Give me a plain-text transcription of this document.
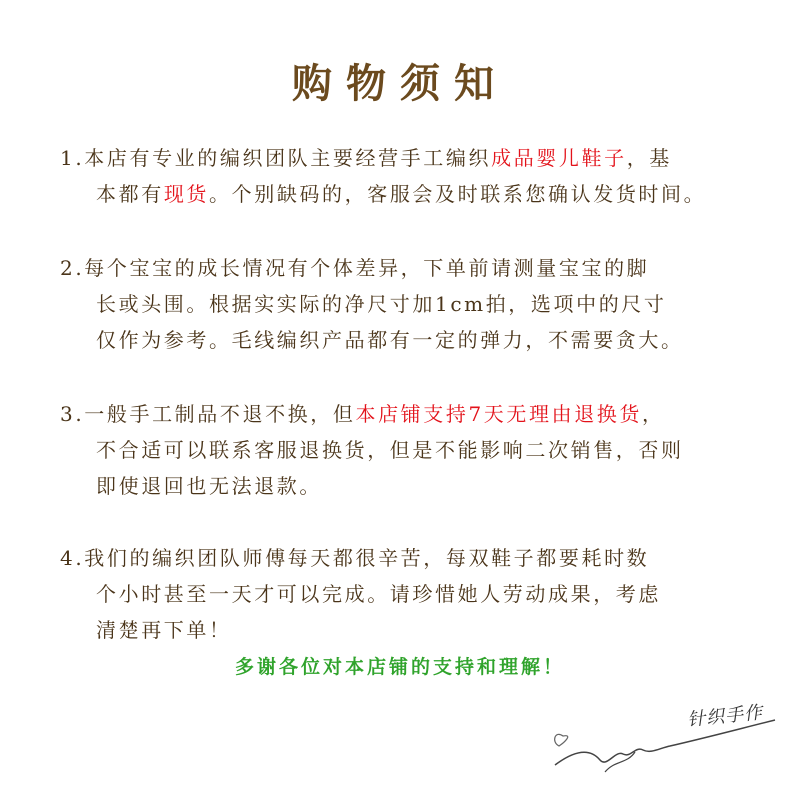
购物须知
1.本店有专业的编织团队主要经营手工编织成品婴儿鞋子，基
本都有现货。个别缺码的，客服会及时联系您确认发货时间。
2.每个宝宝的成长情况有个体差异，下单前请测量宝宝的脚
长或头围。根据实实际的净尺寸加1cm拍，选项中的尺寸
仅作为参考。毛线编织产品都有一定的弹力，不需要贪大。
3.一般手工制品不退不换，但本店铺支持7天无理由退换货，
不合适可以联系客服退换货，但是不能影响二次销售，否则
即使退回也无法退款。
4.我们的编织团队师傅每天都很辛苦，每双鞋子都要耗时数
个小时甚至一天才可以完成。请珍惜她人劳动成果，考虑
清楚再下单！
多谢各位对本店铺的支持和理解！
针织手作
